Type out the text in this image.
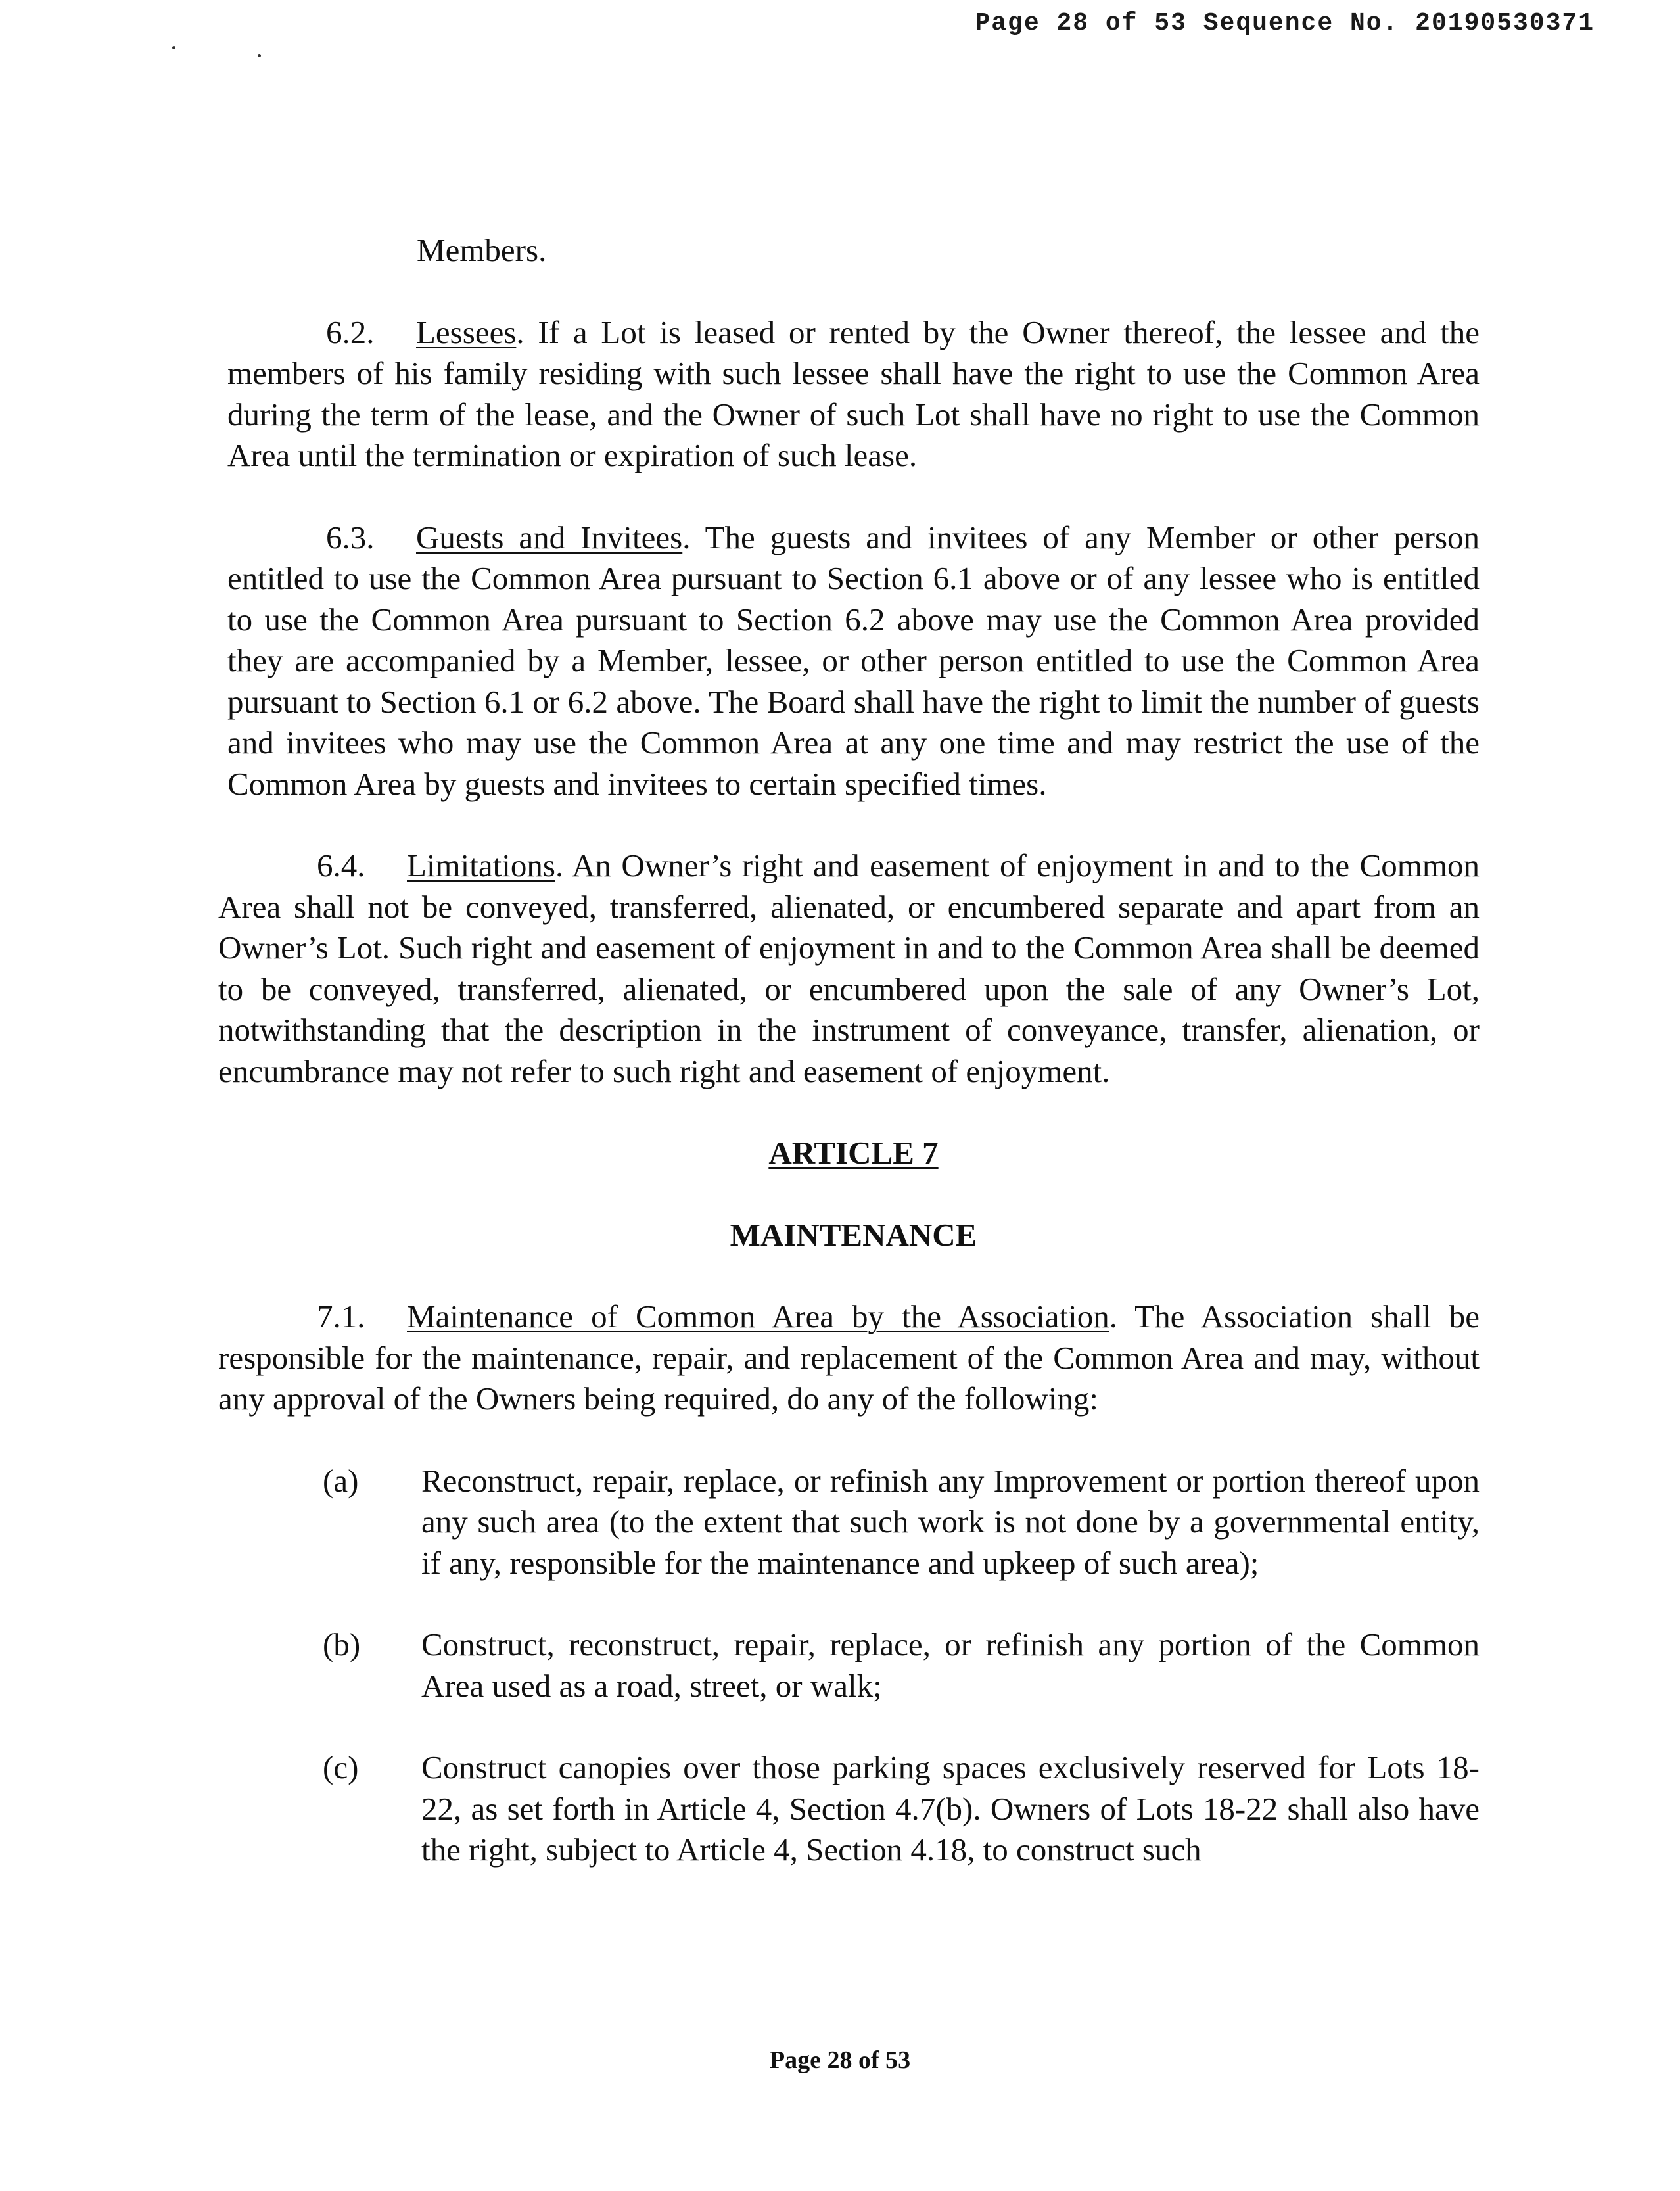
Page 28 of 53 Sequence No. 20190530371

Members.

6.2. Lessees. If a Lot is leased or rented by the Owner thereof, the lessee and the members of his family residing with such lessee shall have the right to use the Common Area during the term of the lease, and the Owner of such Lot shall have no right to use the Common Area until the termination or expiration of such lease.

6.3. Guests and Invitees. The guests and invitees of any Member or other person entitled to use the Common Area pursuant to Section 6.1 above or of any lessee who is entitled to use the Common Area pursuant to Section 6.2 above may use the Common Area provided they are accompanied by a Member, lessee, or other person entitled to use the Common Area pursuant to Section 6.1 or 6.2 above. The Board shall have the right to limit the number of guests and invitees who may use the Common Area at any one time and may restrict the use of the Common Area by guests and invitees to certain specified times.

6.4. Limitations. An Owner’s right and easement of enjoyment in and to the Common Area shall not be conveyed, transferred, alienated, or encumbered separate and apart from an Owner’s Lot. Such right and easement of enjoyment in and to the Common Area shall be deemed to be conveyed, transferred, alienated, or encumbered upon the sale of any Owner’s Lot, notwithstanding that the description in the instrument of conveyance, transfer, alienation, or encumbrance may not refer to such right and easement of enjoyment.

ARTICLE 7

MAINTENANCE

7.1. Maintenance of Common Area by the Association. The Association shall be responsible for the maintenance, repair, and replacement of the Common Area and may, without any approval of the Owners being required, do any of the following:

(a)	Reconstruct, repair, replace, or refinish any Improvement or portion thereof upon any such area (to the extent that such work is not done by a governmental entity, if any, responsible for the maintenance and upkeep of such area);
(b)	Construct, reconstruct, repair, replace, or refinish any portion of the Common Area used as a road, street, or walk;
(c)	Construct canopies over those parking spaces exclusively reserved for Lots 18-22, as set forth in Article 4, Section 4.7(b). Owners of Lots 18-22 shall also have the right, subject to Article 4, Section 4.18, to construct such
Page 28 of 53
